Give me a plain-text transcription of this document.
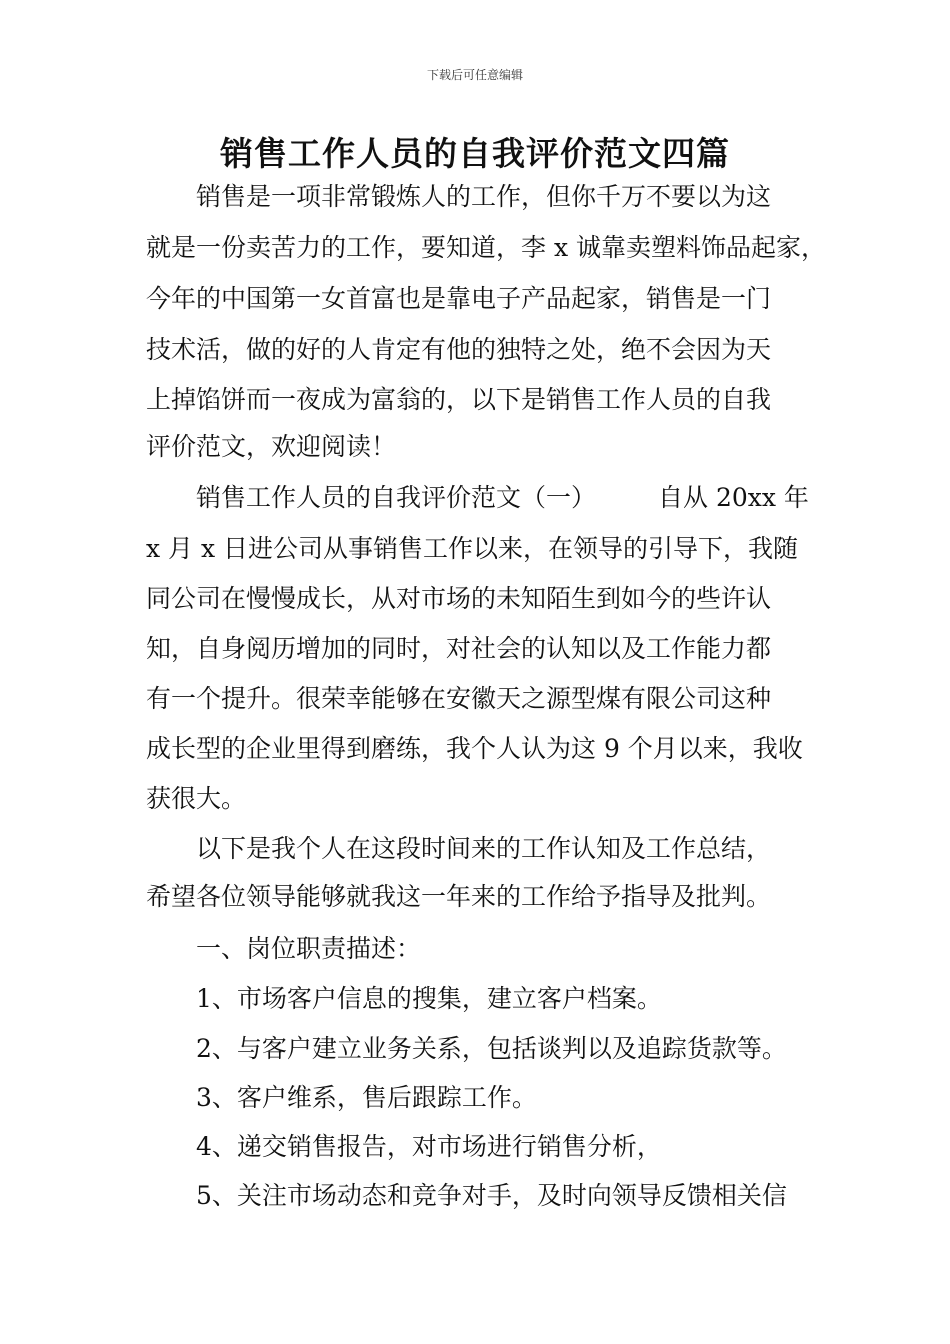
下载后可任意编辑
销售工作人员的自我评价范文四篇
销售是一项非常锻炼人的工作，但你千万不要以为这
就是一份卖苦力的工作，要知道，李 x 诚靠卖塑料饰品起家，
今年的中国第一女首富也是靠电子产品起家，销售是一门
技术活，做的好的人肯定有他的独特之处，绝不会因为天
上掉馅饼而一夜成为富翁的，以下是销售工作人员的自我
评价范文，欢迎阅读！
销售工作人员的自我评价范文（一） 自从 20xx 年
x 月 x 日进公司从事销售工作以来，在领导的引导下，我随
同公司在慢慢成长，从对市场的未知陌生到如今的些许认
知，自身阅历增加的同时，对社会的认知以及工作能力都
有一个提升。很荣幸能够在安徽天之源型煤有限公司这种
成长型的企业里得到磨练，我个人认为这 9 个月以来，我收
获很大。
以下是我个人在这段时间来的工作认知及工作总结，
希望各位领导能够就我这一年来的工作给予指导及批判。
一、岗位职责描述：
1、市场客户信息的搜集，建立客户档案。
2、与客户建立业务关系，包括谈判以及追踪货款等。
3、客户维系，售后跟踪工作。
4、递交销售报告，对市场进行销售分析，
5、关注市场动态和竞争对手，及时向领导反馈相关信
